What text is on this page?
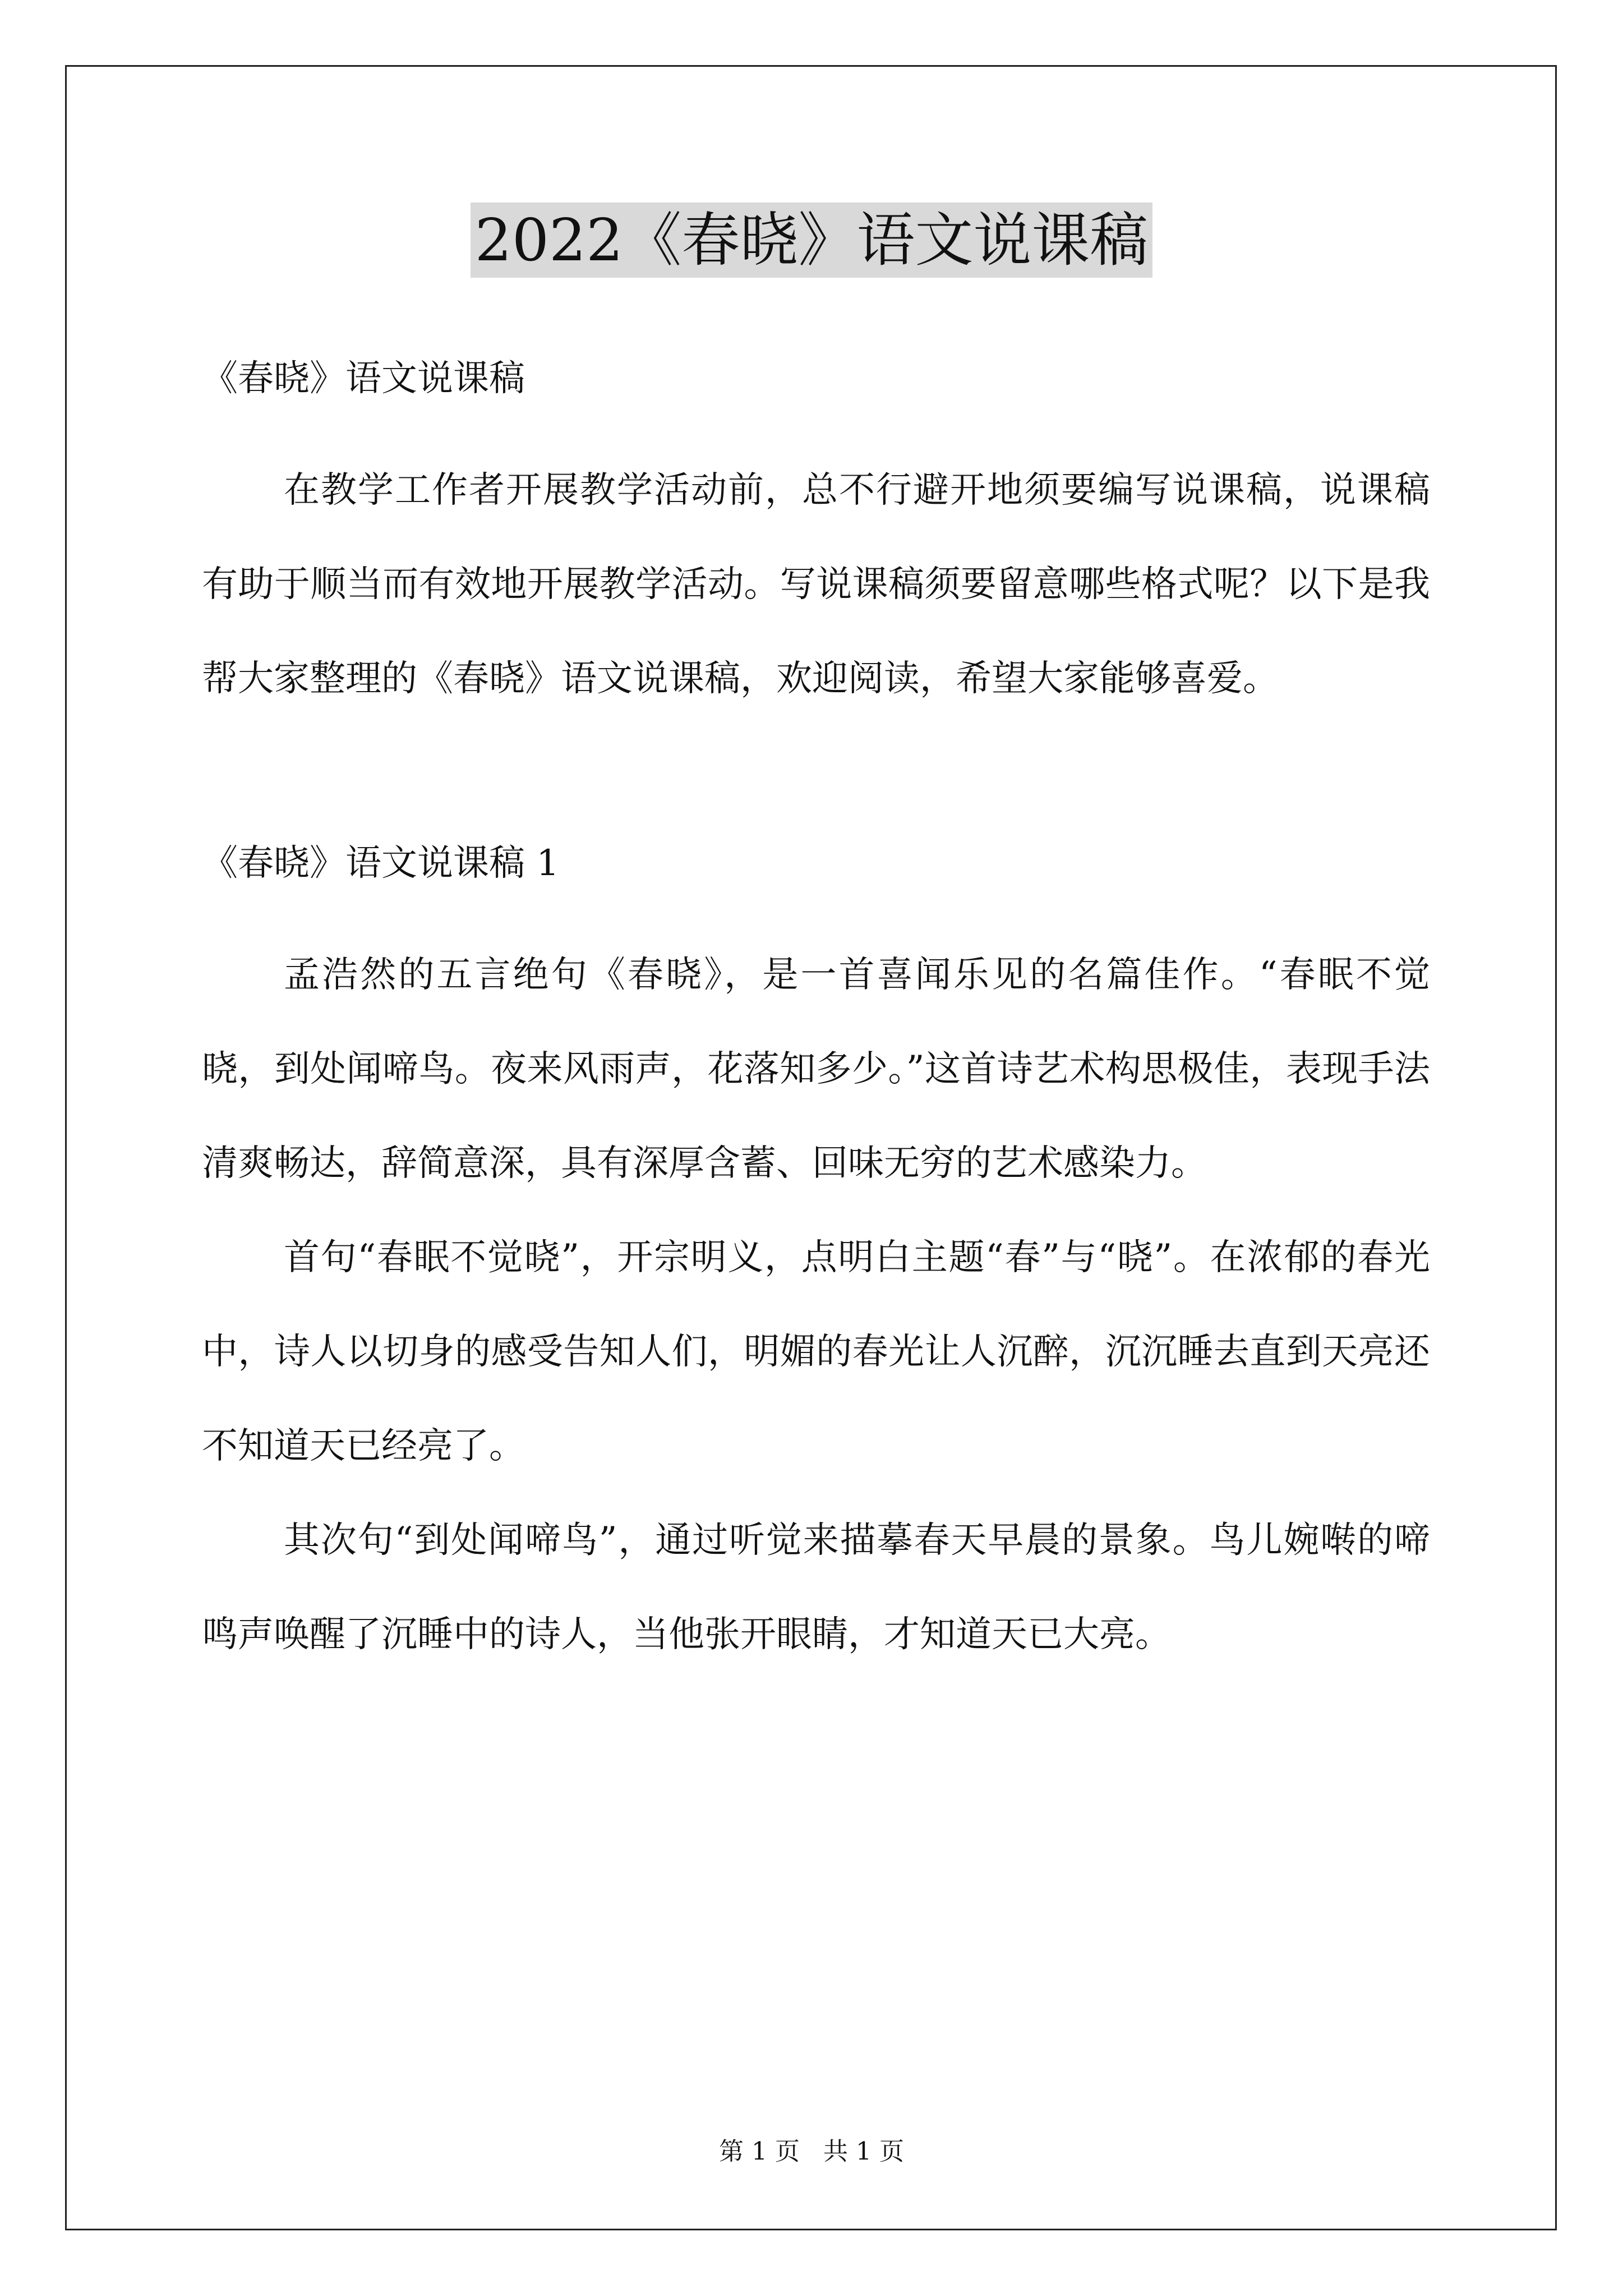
2022《春晓》语文说课稿

《春晓》语文说课稿

在教学工作者开展教学活动前，总不行避开地须要编写说课稿，说课稿有助于顺当而有效地开展教学活动。写说课稿须要留意哪些格式呢？以下是我帮大家整理的《春晓》语文说课稿，欢迎阅读，希望大家能够喜爱。

《春晓》语文说课稿 1

孟浩然的五言绝句《春晓》，是一首喜闻乐见的名篇佳作。“春眠不觉晓，到处闻啼鸟。夜来风雨声，花落知多少。”这首诗艺术构思极佳，表现手法清爽畅达，辞简意深，具有深厚含蓄、回味无穷的艺术感染力。

首句“春眠不觉晓”，开宗明义，点明白主题“春”与“晓”。在浓郁的春光中，诗人以切身的感受告知人们，明媚的春光让人沉醉，沉沉睡去直到天亮还不知道天已经亮了。

其次句“到处闻啼鸟”，通过听觉来描摹春天早晨的景象。鸟儿婉啭的啼鸣声唤醒了沉睡中的诗人，当他张开眼睛，才知道天已大亮。

第 1 页   共 1 页
